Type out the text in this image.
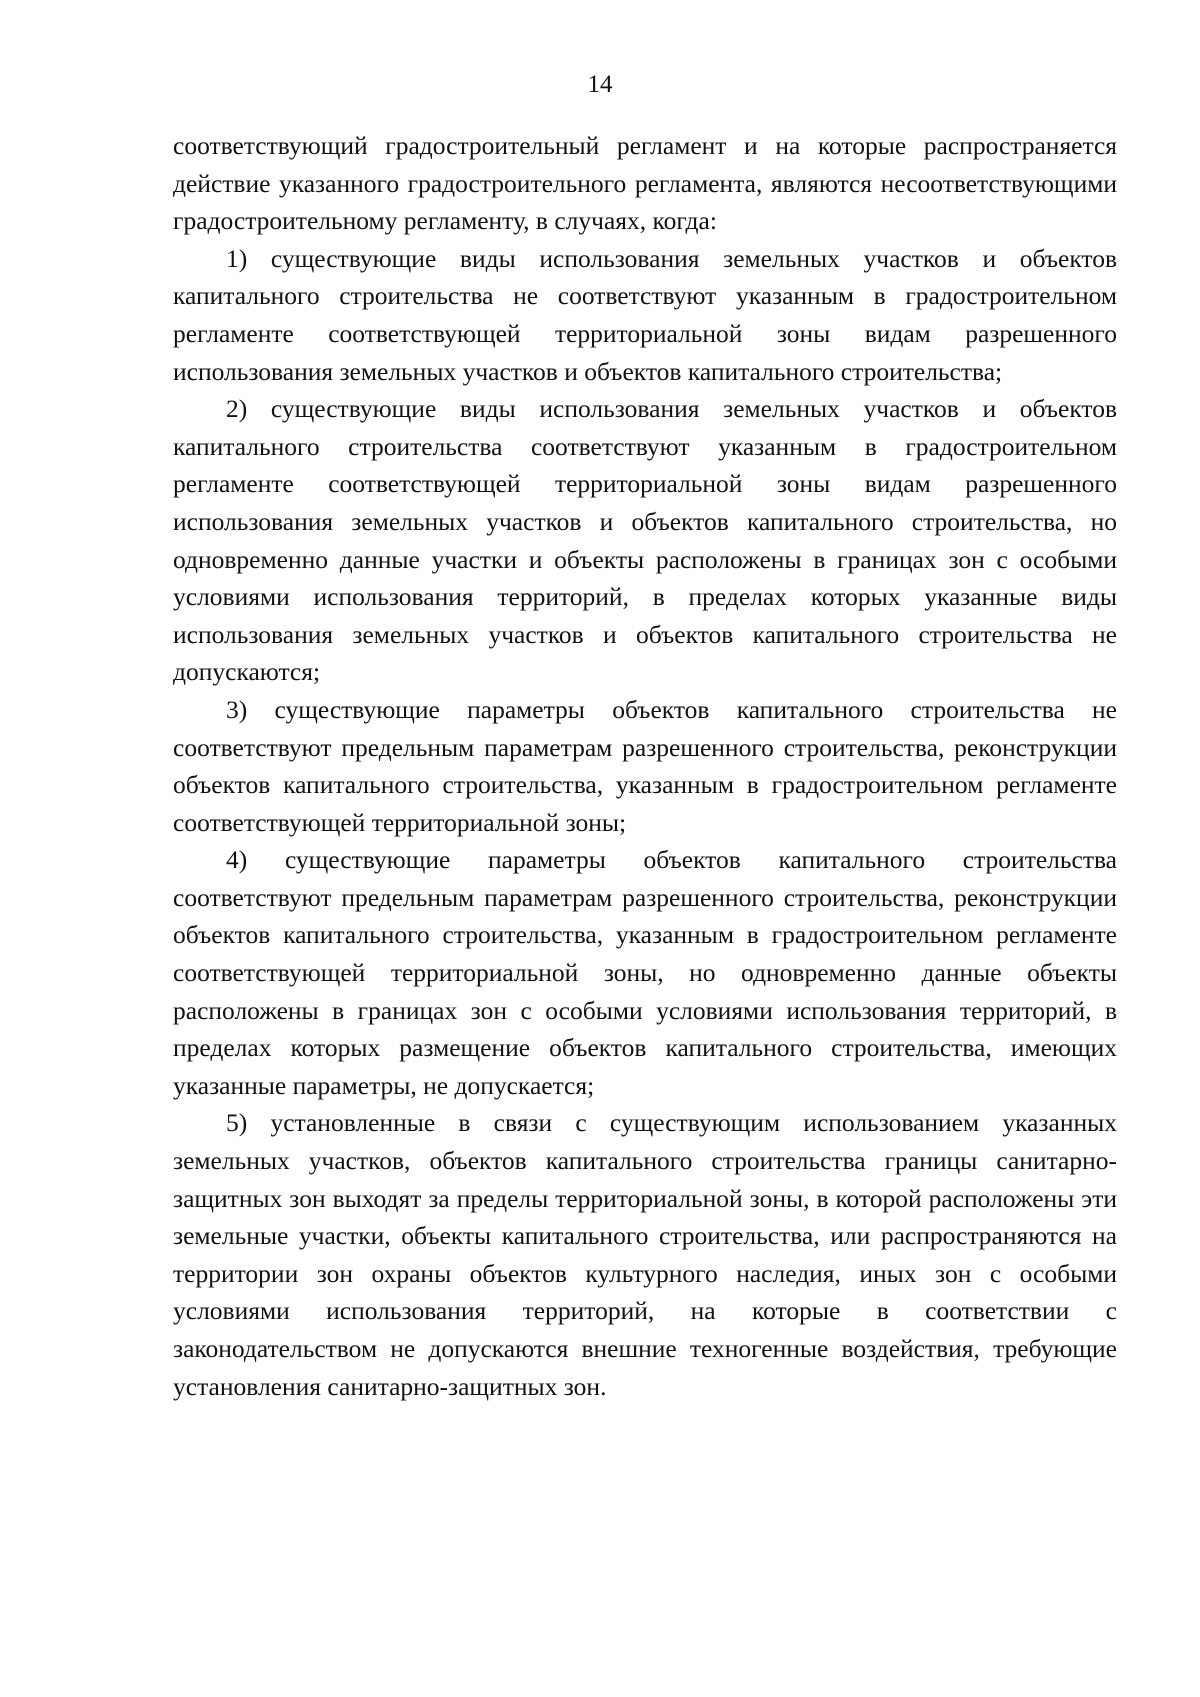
14

соответствующий градостроительный регламент и на которые распространяется действие указанного градостроительного регламента, являются несоответствующими градостроительному регламенту, в случаях, когда:

1) существующие виды использования земельных участков и объектов капитального строительства не соответствуют указанным в градостроительном регламенте соответствующей территориальной зоны видам разрешенного использования земельных участков и объектов капитального строительства;

2) существующие виды использования земельных участков и объектов капитального строительства соответствуют указанным в градостроительном регламенте соответствующей территориальной зоны видам разрешенного использования земельных участков и объектов капитального строительства, но одновременно данные участки и объекты расположены в границах зон с особыми условиями использования территорий, в пределах которых указанные виды использования земельных участков и объектов капитального строительства не допускаются;

3) существующие параметры объектов капитального строительства не соответствуют предельным параметрам разрешенного строительства, реконструкции объектов капитального строительства, указанным в градостроительном регламенте соответствующей территориальной зоны;

4) существующие параметры объектов капитального строительства соответствуют предельным параметрам разрешенного строительства, реконструкции объектов капитального строительства, указанным в градостроительном регламенте соответствующей территориальной зоны, но одновременно данные объекты расположены в границах зон с особыми условиями использования территорий, в пределах которых размещение объектов капитального строительства, имеющих указанные параметры, не допускается;

5) установленные в связи с существующим использованием указанных земельных участков, объектов капитального строительства границы санитарно-защитных зон выходят за пределы территориальной зоны, в которой расположены эти земельные участки, объекты капитального строительства, или распространяются на территории зон охраны объектов культурного наследия, иных зон с особыми условиями использования территорий, на которые в соответствии с законодательством не допускаются внешние техногенные воздействия, требующие установления санитарно-защитных зон.
